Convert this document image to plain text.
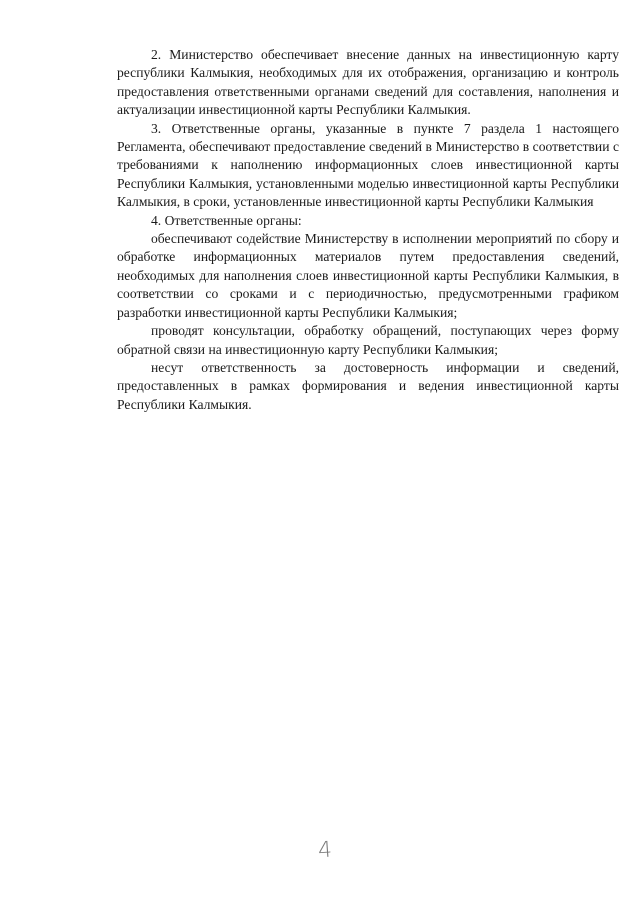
2. Министерство обеспечивает внесение данных на инвестиционную карту республики Калмыкия, необходимых для их отображения, организацию и контроль предоставления ответственными органами сведений для составления, наполнения и актуализации инвестиционной карты Республики Калмыкия.

3. Ответственные органы, указанные в пункте 7 раздела 1 настоящего Регламента, обеспечивают предоставление сведений в Министерство в соответствии с требованиями к наполнению информационных слоев инвестиционной карты Республики Калмыкия, установленными моделью инвестиционной карты Республики Калмыкия, в сроки, установленные инвестиционной карты Республики Калмыкия

4. Ответственные органы:

обеспечивают содействие Министерству в исполнении мероприятий по сбору и обработке информационных материалов путем предоставления сведений, необходимых для наполнения слоев инвестиционной карты Республики Калмыкия, в соответствии со сроками и с периодичностью, предусмотренными графиком разработки инвестиционной карты Республики Калмыкия;

проводят консультации, обработку обращений, поступающих через форму обратной связи на инвестиционную карту Республики Калмыкия;

несут ответственность за достоверность информации и сведений, предоставленных в рамках формирования и ведения инвестиционной карты Республики Калмыкия.

4
